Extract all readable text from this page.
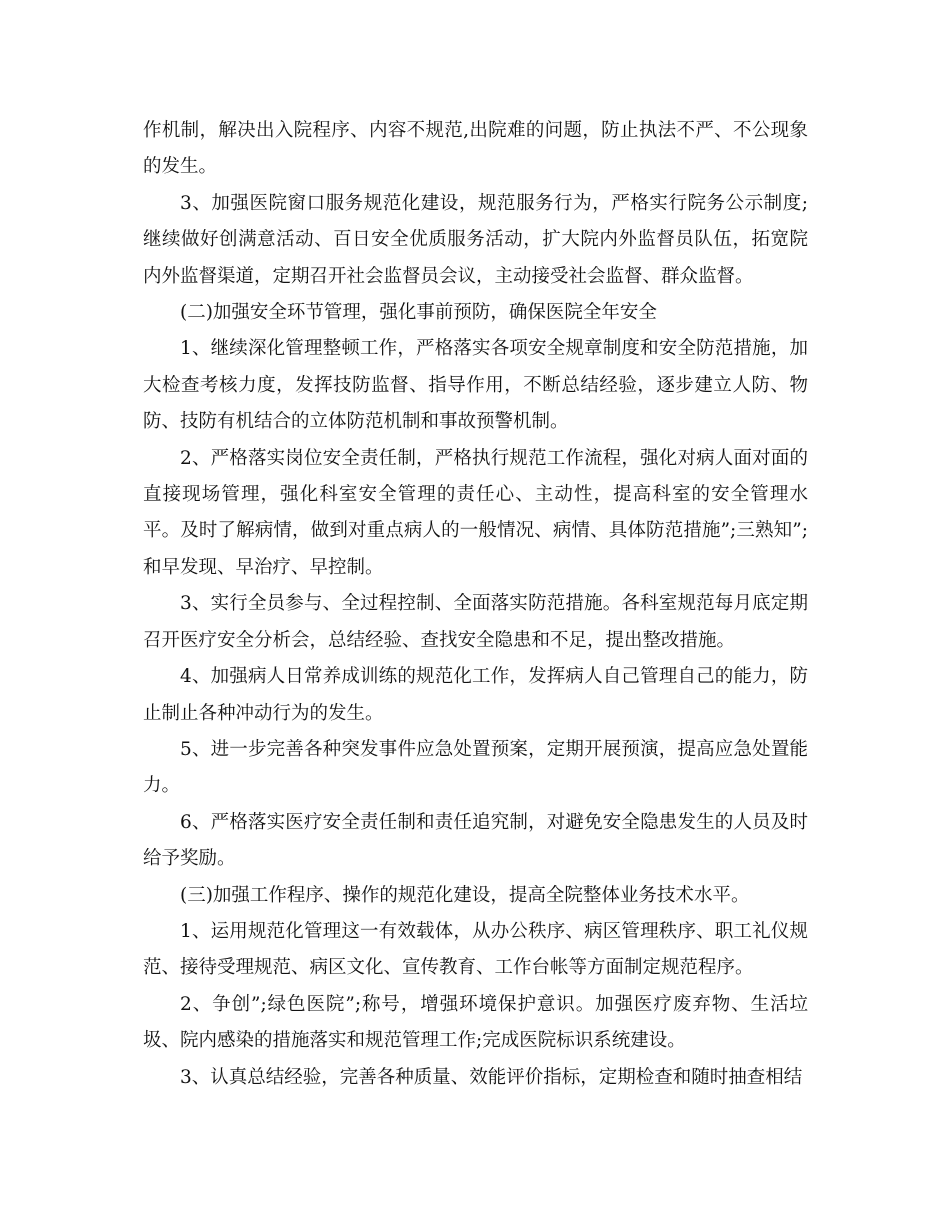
作机制，解决出入院程序、内容不规范,出院难的问题，防止执法不严、不公现象的发生。

3、加强医院窗口服务规范化建设，规范服务行为，严格实行院务公示制度;继续做好创满意活动、百日安全优质服务活动，扩大院内外监督员队伍，拓宽院内外监督渠道，定期召开社会监督员会议，主动接受社会监督、群众监督。

(二)加强安全环节管理，强化事前预防，确保医院全年安全

1、继续深化管理整顿工作，严格落实各项安全规章制度和安全防范措施，加大检查考核力度，发挥技防监督、指导作用，不断总结经验，逐步建立人防、物防、技防有机结合的立体防范机制和事故预警机制。

2、严格落实岗位安全责任制，严格执行规范工作流程，强化对病人面对面的直接现场管理，强化科室安全管理的责任心、主动性，提高科室的安全管理水平。及时了解病情，做到对重点病人的一般情况、病情、具体防范措施”;三熟知”;和早发现、早治疗、早控制。

3、实行全员参与、全过程控制、全面落实防范措施。各科室规范每月底定期召开医疗安全分析会，总结经验、查找安全隐患和不足，提出整改措施。

4、加强病人日常养成训练的规范化工作，发挥病人自己管理自己的能力，防止制止各种冲动行为的发生。

5、进一步完善各种突发事件应急处置预案，定期开展预演，提高应急处置能力。

6、严格落实医疗安全责任制和责任追究制，对避免安全隐患发生的人员及时给予奖励。

(三)加强工作程序、操作的规范化建设，提高全院整体业务技术水平。

1、运用规范化管理这一有效载体，从办公秩序、病区管理秩序、职工礼仪规范、接待受理规范、病区文化、宣传教育、工作台帐等方面制定规范程序。

2、争创”;绿色医院”;称号，增强环境保护意识。加强医疗废弃物、生活垃圾、院内感染的措施落实和规范管理工作;完成医院标识系统建设。

3、认真总结经验，完善各种质量、效能评价指标，定期检查和随时抽查相结
